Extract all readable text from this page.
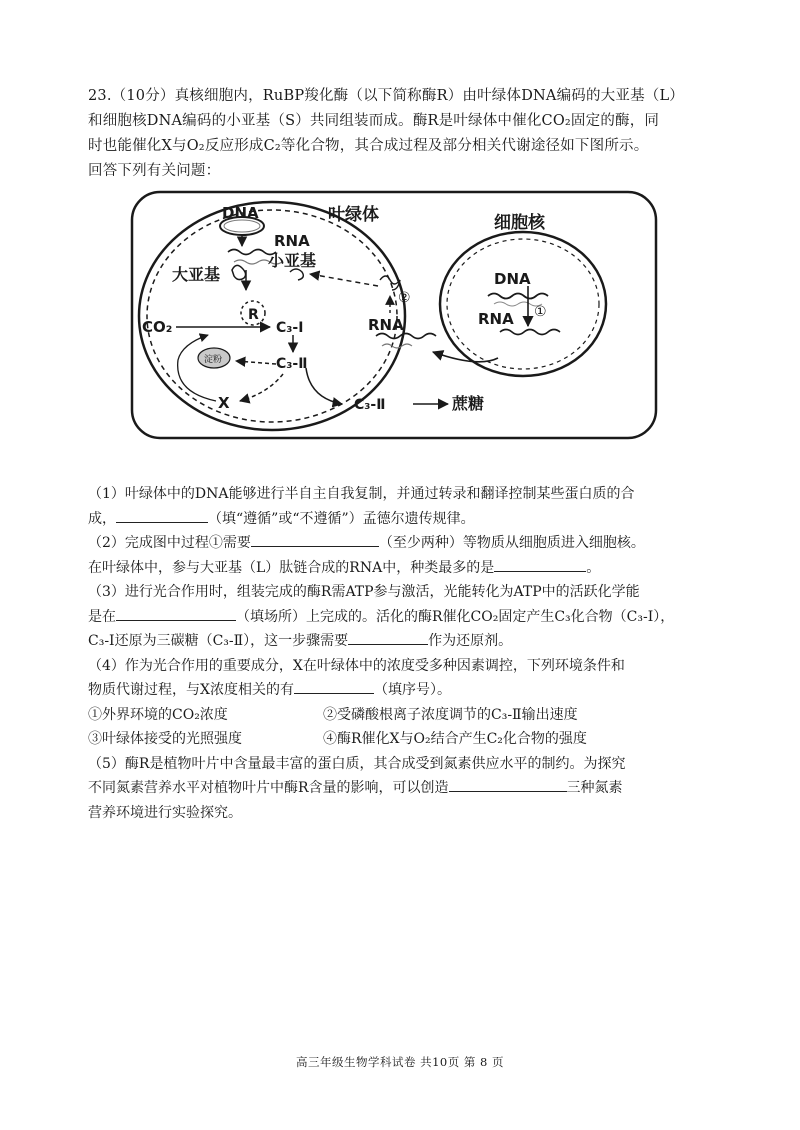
23.（10分）真核细胞内，RuBP羧化酶（以下简称酶R）由叶绿体DNA编码的大亚基（L）

和细胞核DNA编码的小亚基（S）共同组装而成。酶R是叶绿体中催化CO₂固定的酶，同

时也能催化X与O₂反应形成C₂等化合物，其合成过程及部分相关代谢途径如下图所示。

回答下列有关问题：

DNA	叶绿体	细胞核
RNA
小亚基
大亚基
R
CO₂	C₃-Ⅰ
C₃-Ⅱ
淀粉
X	C₃-Ⅱ	蔗糖
RNA
②
DNA
RNA ①

（1）叶绿体中的DNA能够进行半自主自我复制，并通过转录和翻译控制某些蛋白质的合

成，	（填“遵循”或“不遵循”）孟德尔遗传规律。

（2）完成图中过程①需要	（至少两种）等物质从细胞质进入细胞核。

在叶绿体中，参与大亚基（L）肽链合成的RNA中，种类最多的是	。

（3）进行光合作用时，组装完成的酶R需ATP参与激活，光能转化为ATP中的活跃化学能

是在	（填场所）上完成的。活化的酶R催化CO₂固定产生C₃化合物（C₃-Ⅰ），

C₃-Ⅰ还原为三碳糖（C₃-Ⅱ），这一步骤需要	作为还原剂。

（4）作为光合作用的重要成分，X在叶绿体中的浓度受多种因素调控，下列环境条件和

物质代谢过程，与X浓度相关的有	（填序号）。

①外界环境的CO₂浓度	②受磷酸根离子浓度调节的C₃-Ⅱ输出速度
③叶绿体接受的光照强度	④酶R催化X与O₂结合产生C₂化合物的强度

（5）酶R是植物叶片中含量最丰富的蛋白质，其合成受到氮素供应水平的制约。为探究

不同氮素营养水平对植物叶片中酶R含量的影响，可以创造	三种氮素

营养环境进行实验探究。

高三年级生物学科试卷 共10页 第 8 页
